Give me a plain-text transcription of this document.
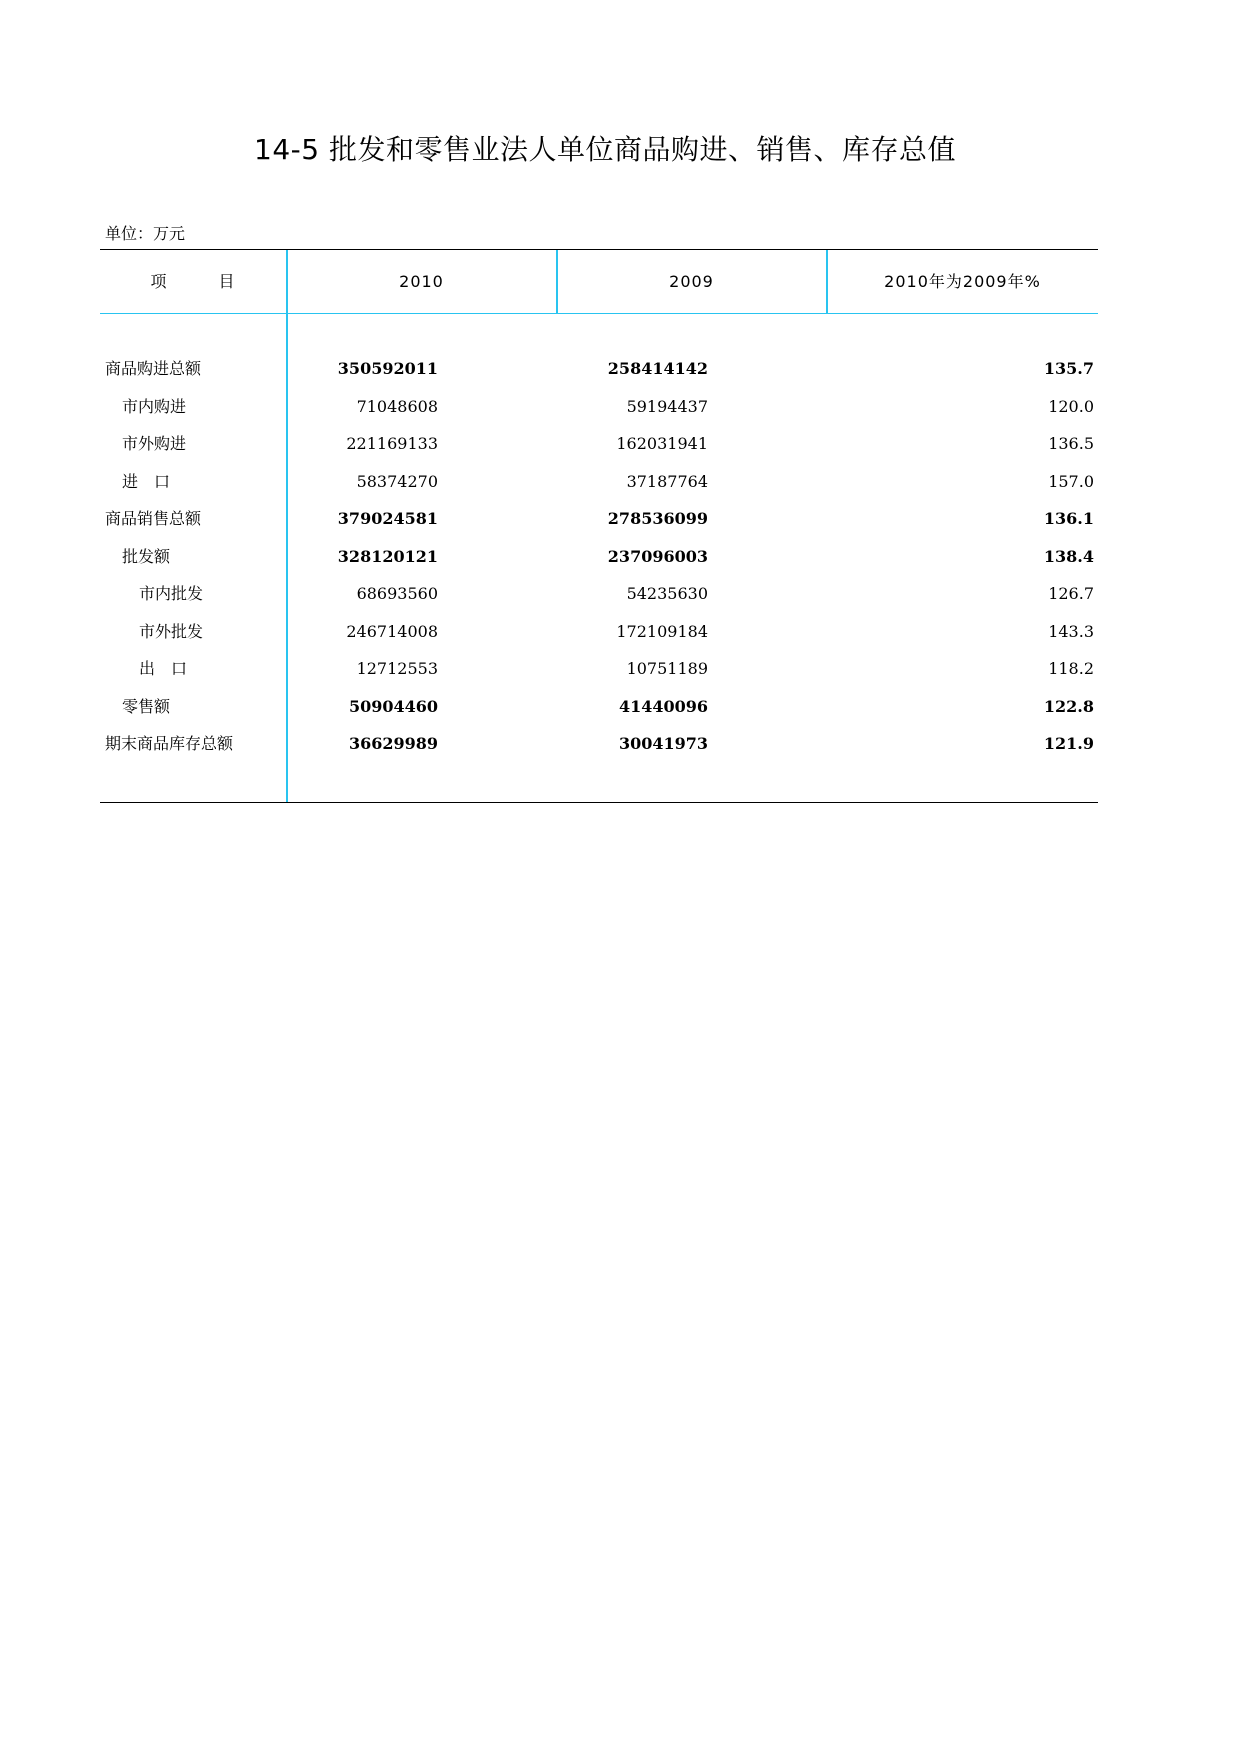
14-5 批发和零售业法人单位商品购进、销售、库存总值
单位：万元
项　　　目	2010	2009	2010年为2009年%
商品购进总额	350592011	258414142	135.7
市内购进	71048608	59194437	120.0
市外购进	221169133	162031941	136.5
进　口	58374270	37187764	157.0
商品销售总额	379024581	278536099	136.1
批发额	328120121	237096003	138.4
市内批发	68693560	54235630	126.7
市外批发	246714008	172109184	143.3
出　口	12712553	10751189	118.2
零售额	50904460	41440096	122.8
期末商品库存总额	36629989	30041973	121.9
